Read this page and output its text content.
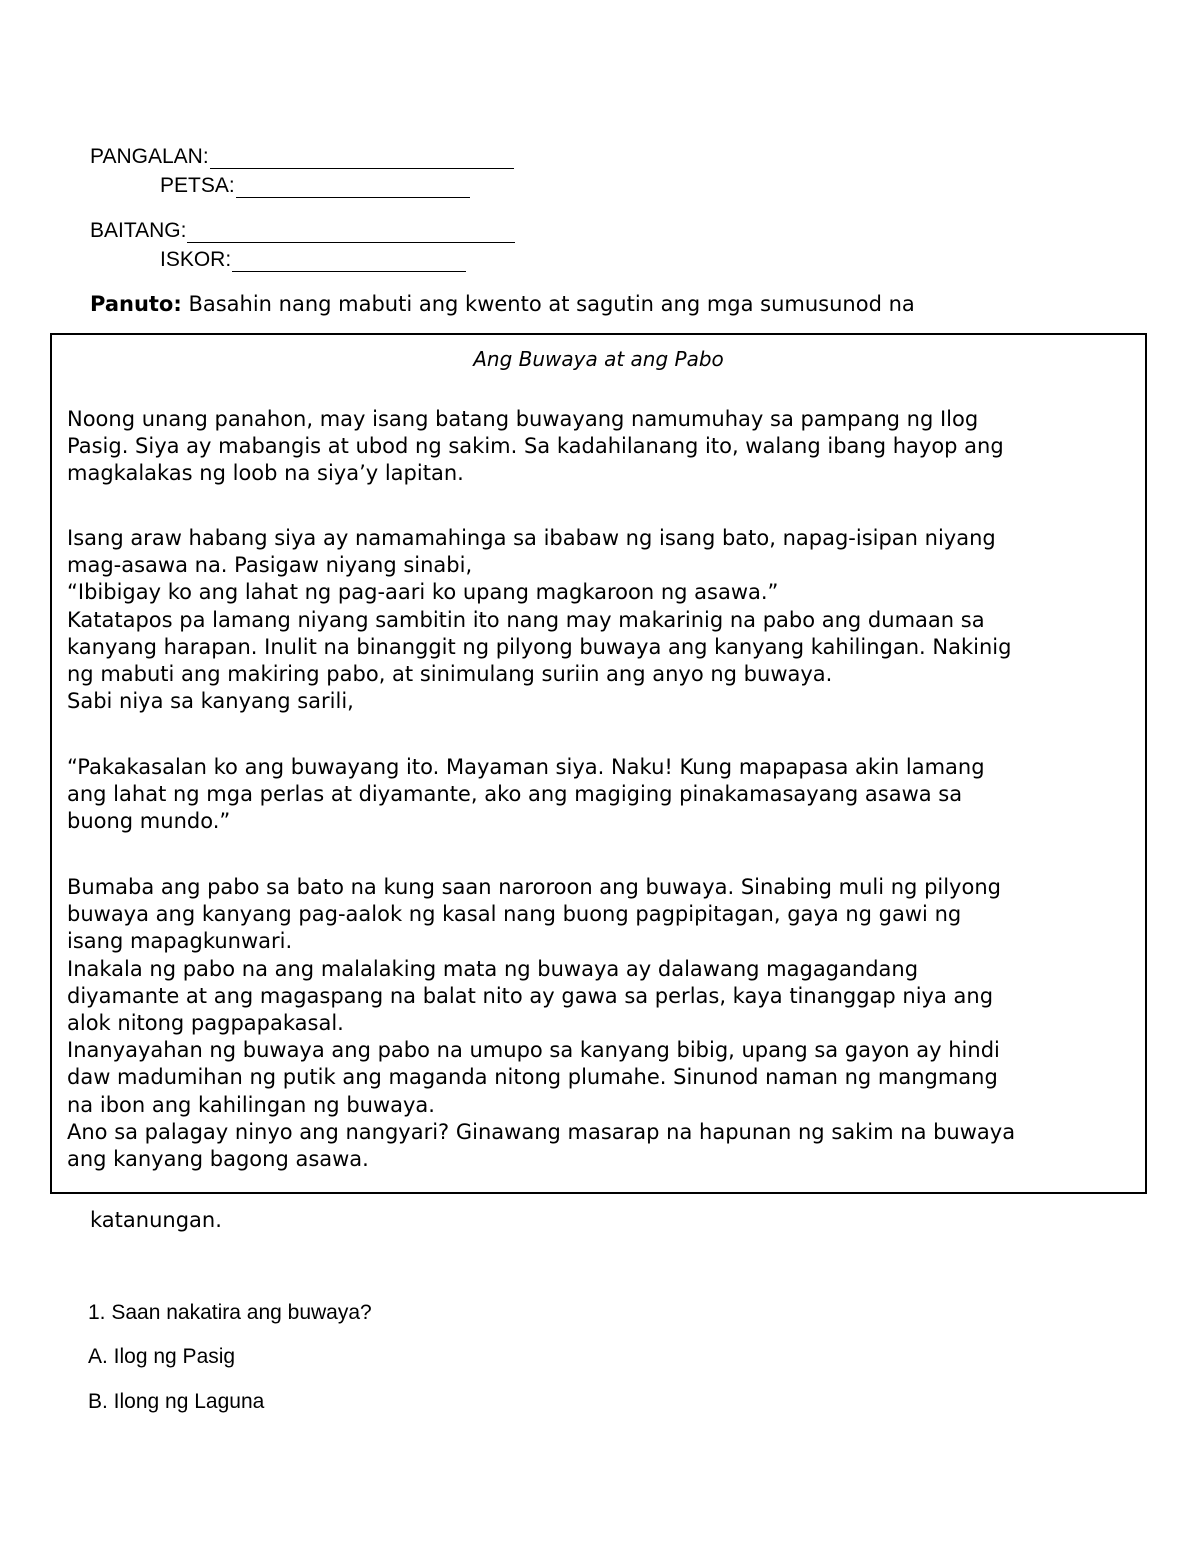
PANGALAN:
PETSA:
BAITANG:
ISKOR:
Panuto: Basahin nang mabuti ang kwento at sagutin ang mga sumusunod na
Ang Buwaya at ang Pabo

Noong unang panahon, may isang batang buwayang namumuhay sa pampang ng Ilog
Pasig. Siya ay mabangis at ubod ng sakim. Sa kadahilanang ito, walang ibang hayop ang
magkalakas ng loob na siya’y lapitan.

Isang araw habang siya ay namamahinga sa ibabaw ng isang bato, napag-isipan niyang
mag-asawa na. Pasigaw niyang sinabi,
“Ibibigay ko ang lahat ng pag-aari ko upang magkaroon ng asawa.”
Katatapos pa lamang niyang sambitin ito nang may makarinig na pabo ang dumaan sa
kanyang harapan. Inulit na binanggit ng pilyong buwaya ang kanyang kahilingan. Nakinig
ng mabuti ang makiring pabo, at sinimulang suriin ang anyo ng buwaya.
Sabi niya sa kanyang sarili,

“Pakakasalan ko ang buwayang ito. Mayaman siya. Naku! Kung mapapasa akin lamang
ang lahat ng mga perlas at diyamante, ako ang magiging pinakamasayang asawa sa
buong mundo.”

Bumaba ang pabo sa bato na kung saan naroroon ang buwaya. Sinabing muli ng pilyong
buwaya ang kanyang pag-aalok ng kasal nang buong pagpipitagan, gaya ng gawi ng
isang mapagkunwari.
Inakala ng pabo na ang malalaking mata ng buwaya ay dalawang magagandang
diyamante at ang magaspang na balat nito ay gawa sa perlas, kaya tinanggap niya ang
alok nitong pagpapakasal.
Inanyayahan ng buwaya ang pabo na umupo sa kanyang bibig, upang sa gayon ay hindi
daw madumihan ng putik ang maganda nitong plumahe. Sinunod naman ng mangmang
na ibon ang kahilingan ng buwaya.
Ano sa palagay ninyo ang nangyari? Ginawang masarap na hapunan ng sakim na buwaya
ang kanyang bagong asawa.

katanungan.
1. Saan nakatira ang buwaya?
A. Ilog ng Pasig
B. Ilong ng Laguna
